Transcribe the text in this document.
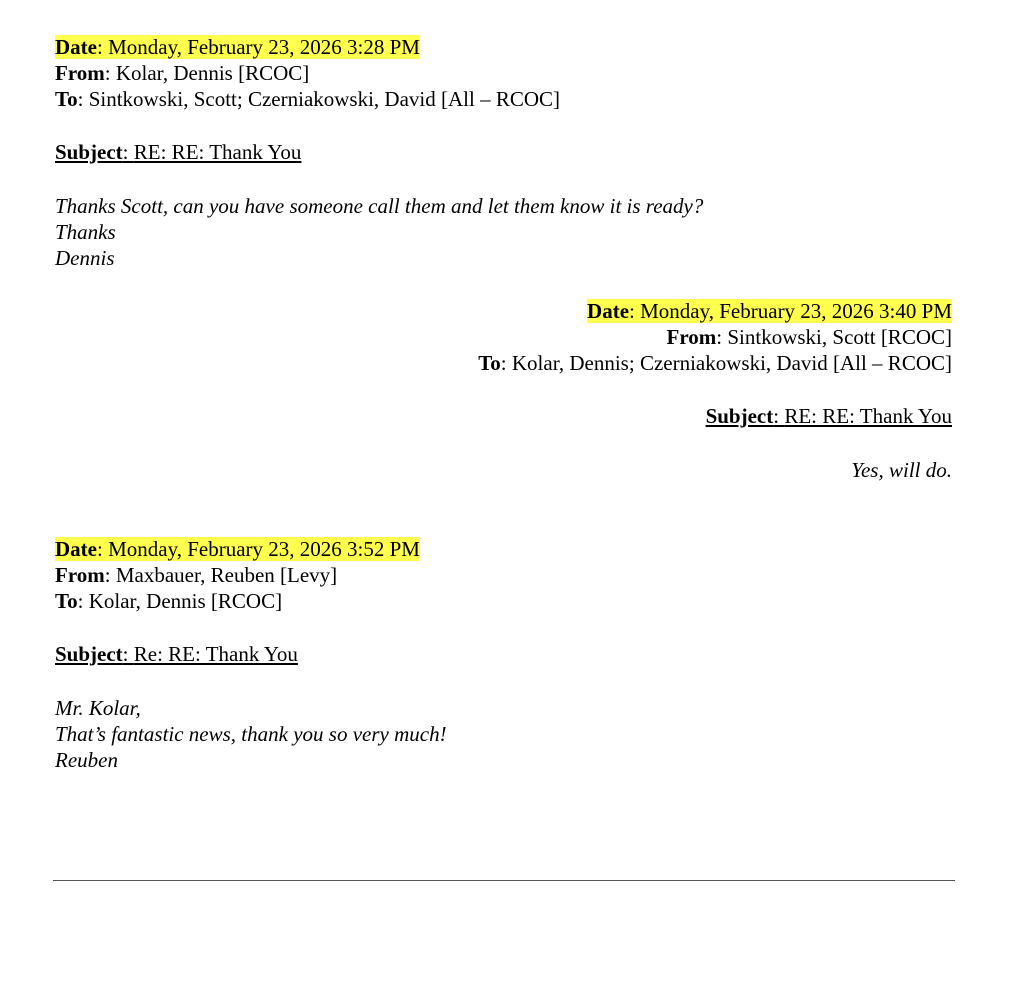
Date: Monday, February 23, 2026 3:28 PM
From: Kolar, Dennis [RCOC]
To: Sintkowski, Scott; Czerniakowski, David [All – RCOC]
Subject: RE: RE: Thank You
Thanks Scott, can you have someone call them and let them know it is ready?
Thanks
Dennis
Date: Monday, February 23, 2026 3:40 PM
From: Sintkowski, Scott [RCOC]
To: Kolar, Dennis; Czerniakowski, David [All – RCOC]
Subject: RE: RE: Thank You
Yes, will do.
Date: Monday, February 23, 2026 3:52 PM
From: Maxbauer, Reuben [Levy]
To: Kolar, Dennis [RCOC]
Subject: Re: RE: Thank You
Mr. Kolar,
That’s fantastic news, thank you so very much!
Reuben
